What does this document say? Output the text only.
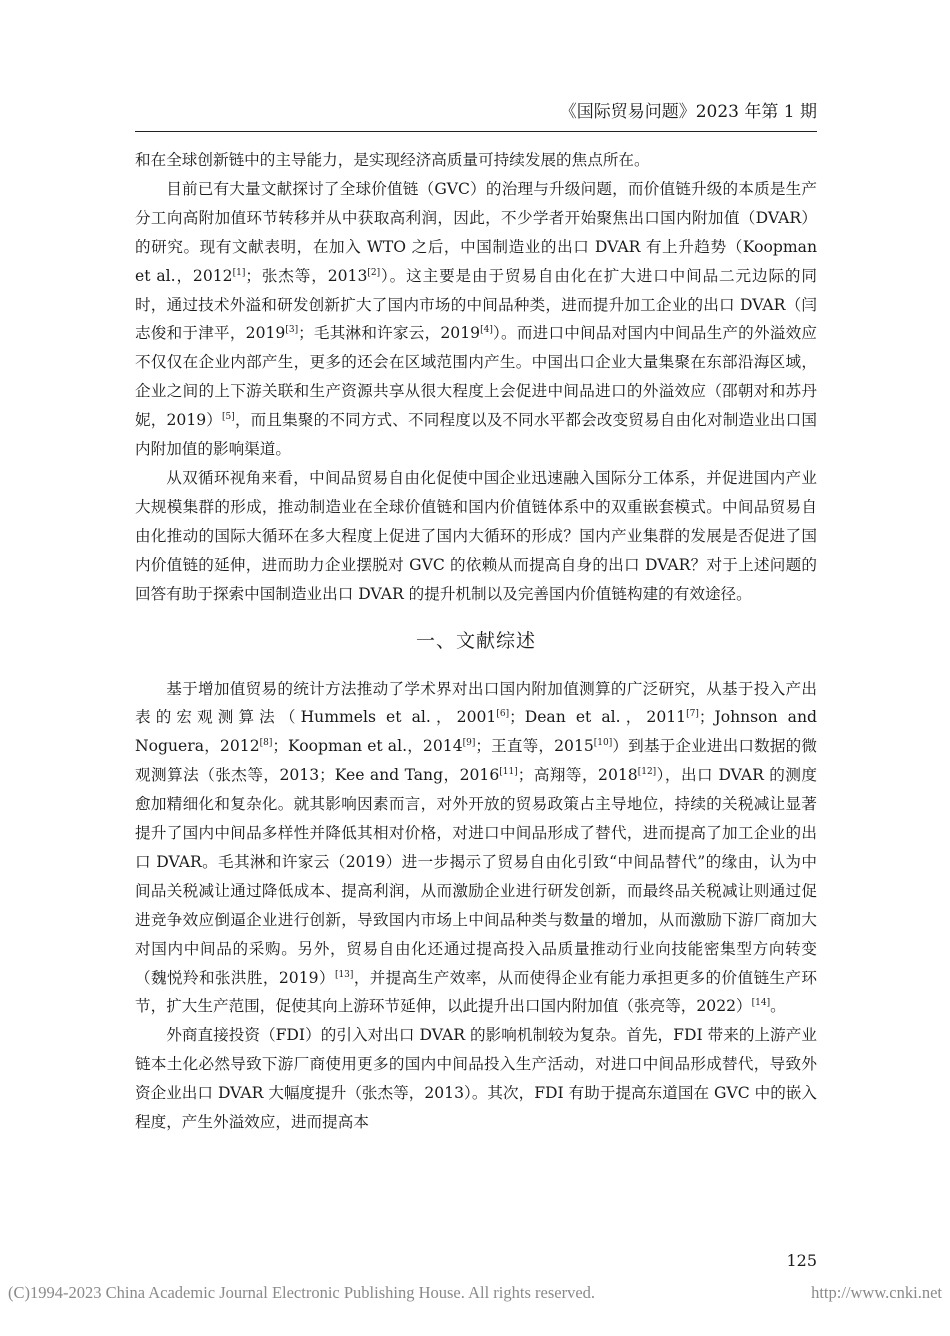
《国际贸易问题》2023 年第 1 期

和在全球创新链中的主导能力，是实现经济高质量可持续发展的焦点所在。

目前已有大量文献探讨了全球价值链（GVC）的治理与升级问题，而价值链升级的本质是生产分工向高附加值环节转移并从中获取高利润，因此，不少学者开始聚焦出口国内附加值（DVAR）的研究。现有文献表明，在加入 WTO 之后，中国制造业的出口 DVAR 有上升趋势（Koopman et al.，2012[1]；张杰等，2013[2]）。这主要是由于贸易自由化在扩大进口中间品二元边际的同时，通过技术外溢和研发创新扩大了国内市场的中间品种类，进而提升加工企业的出口 DVAR（闫志俊和于津平，2019[3]；毛其淋和许家云，2019[4]）。而进口中间品对国内中间品生产的外溢效应不仅仅在企业内部产生，更多的还会在区域范围内产生。中国出口企业大量集聚在东部沿海区域，企业之间的上下游关联和生产资源共享从很大程度上会促进中间品进口的外溢效应（邵朝对和苏丹妮，2019）[5]，而且集聚的不同方式、不同程度以及不同水平都会改变贸易自由化对制造业出口国内附加值的影响渠道。

从双循环视角来看，中间品贸易自由化促使中国企业迅速融入国际分工体系，并促进国内产业大规模集群的形成，推动制造业在全球价值链和国内价值链体系中的双重嵌套模式。中间品贸易自由化推动的国际大循环在多大程度上促进了国内大循环的形成？国内产业集群的发展是否促进了国内价值链的延伸，进而助力企业摆脱对 GVC 的依赖从而提高自身的出口 DVAR？对于上述问题的回答有助于探索中国制造业出口 DVAR 的提升机制以及完善国内价值链构建的有效途径。

一、文献综述

基于增加值贸易的统计方法推动了学术界对出口国内附加值测算的广泛研究，从基于投入产出表的宏观测算法（Hummels et al.，2001[6]；Dean et al.，2011[7]；Johnson and Noguera，2012[8]；Koopman et al.，2014[9]；王直等，2015[10]）到基于企业进出口数据的微观测算法（张杰等，2013；Kee and Tang，2016[11]；高翔等，2018[12]），出口 DVAR 的测度愈加精细化和复杂化。就其影响因素而言，对外开放的贸易政策占主导地位，持续的关税减让显著提升了国内中间品多样性并降低其相对价格，对进口中间品形成了替代，进而提高了加工企业的出口 DVAR。毛其淋和许家云（2019）进一步揭示了贸易自由化引致“中间品替代”的缘由，认为中间品关税减让通过降低成本、提高利润，从而激励企业进行研发创新，而最终品关税减让则通过促进竞争效应倒逼企业进行创新，导致国内市场上中间品种类与数量的增加，从而激励下游厂商加大对国内中间品的采购。另外，贸易自由化还通过提高投入品质量推动行业向技能密集型方向转变（魏悦羚和张洪胜，2019）[13]，并提高生产效率，从而使得企业有能力承担更多的价值链生产环节，扩大生产范围，促使其向上游环节延伸，以此提升出口国内附加值（张亮等，2022）[14]。

外商直接投资（FDI）的引入对出口 DVAR 的影响机制较为复杂。首先，FDI 带来的上游产业链本土化必然导致下游厂商使用更多的国内中间品投入生产活动，对进口中间品形成替代，导致外资企业出口 DVAR 大幅度提升（张杰等，2013）。其次，FDI 有助于提高东道国在 GVC 中的嵌入程度，产生外溢效应，进而提高本

125
(C)1994-2023 China Academic Journal Electronic Publishing House. All rights reserved.	http://www.cnki.net
